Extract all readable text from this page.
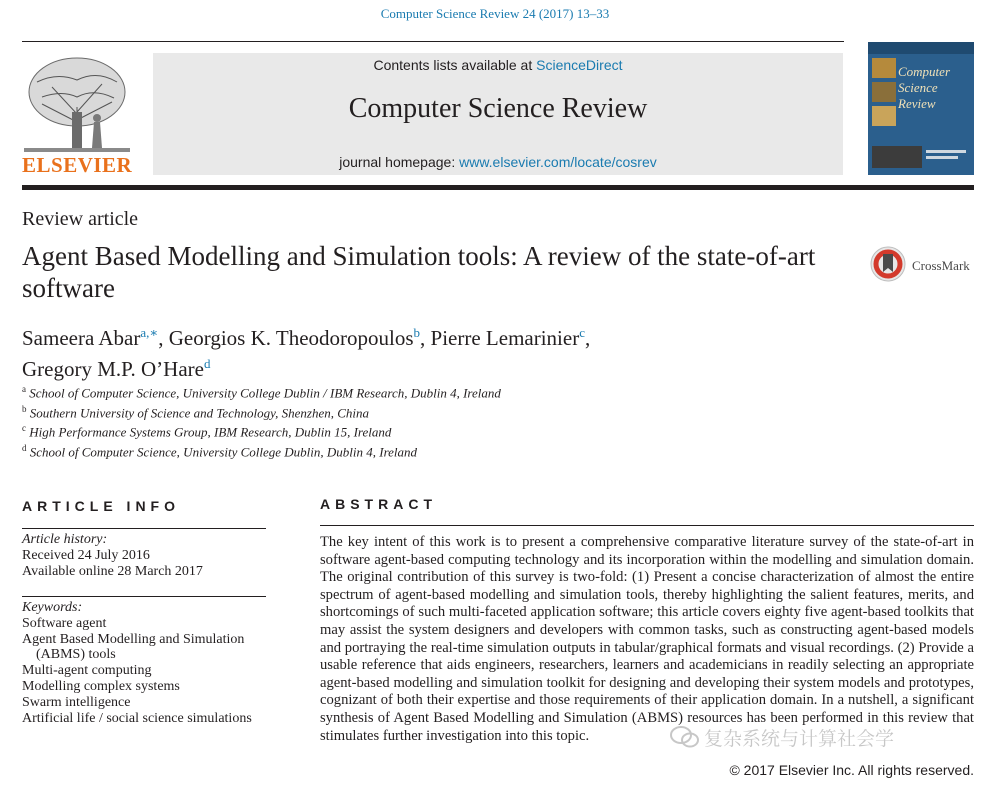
Computer Science Review 24 (2017) 13–33
ELSEVIER
Contents lists available at ScienceDirect
Computer Science Review
journal homepage: www.elsevier.com/locate/cosrev
Computer
Science
Review
Review article
Agent Based Modelling and Simulation tools: A review of the state-of-art software
CrossMark
Sameera Abar$^{a,∗}$, Georgios K. Theodoropoulos$^b$, Pierre Lemarinier$^c$,
Gregory M.P. O’Hare$^d$
$^a$ School of Computer Science, University College Dublin / IBM Research, Dublin 4, Ireland
$^b$ Southern University of Science and Technology, Shenzhen, China
$^c$ High Performance Systems Group, IBM Research, Dublin 15, Ireland
$^d$ School of Computer Science, University College Dublin, Dublin 4, Ireland
ARTICLE INFO
Article history:
Received 24 July 2016
Available online 28 March 2017
Keywords:
Software agent
Agent Based Modelling and Simulation
(ABMS) tools
Multi-agent computing
Modelling complex systems
Swarm intelligence
Artificial life / social science simulations
ABSTRACT
The key intent of this work is to present a comprehensive comparative literature survey of the state-of-art in software agent-based computing technology and its incorporation within the modelling and simulation domain. The original contribution of this survey is two-fold: (1) Present a concise characterization of almost the entire spectrum of agent-based modelling and simulation tools, thereby highlighting the salient features, merits, and shortcomings of such multi-faceted application software; this article covers eighty five agent-based toolkits that may assist the system designers and developers with common tasks, such as constructing agent-based models and portraying the real-time simulation outputs in tabular/graphical formats and visual recordings. (2) Provide a usable reference that aids engineers, researchers, learners and academicians in readily selecting an appropriate agent-based modelling and simulation toolkit for designing and developing their system models and prototypes, cognizant of both their expertise and those requirements of their application domain. In a nutshell, a significant synthesis of Agent Based Modelling and Simulation (ABMS) resources has been performed in this review that stimulates further investigation into this topic.
© 2017 Elsevier Inc. All rights reserved.
复杂系统与计算社会学
